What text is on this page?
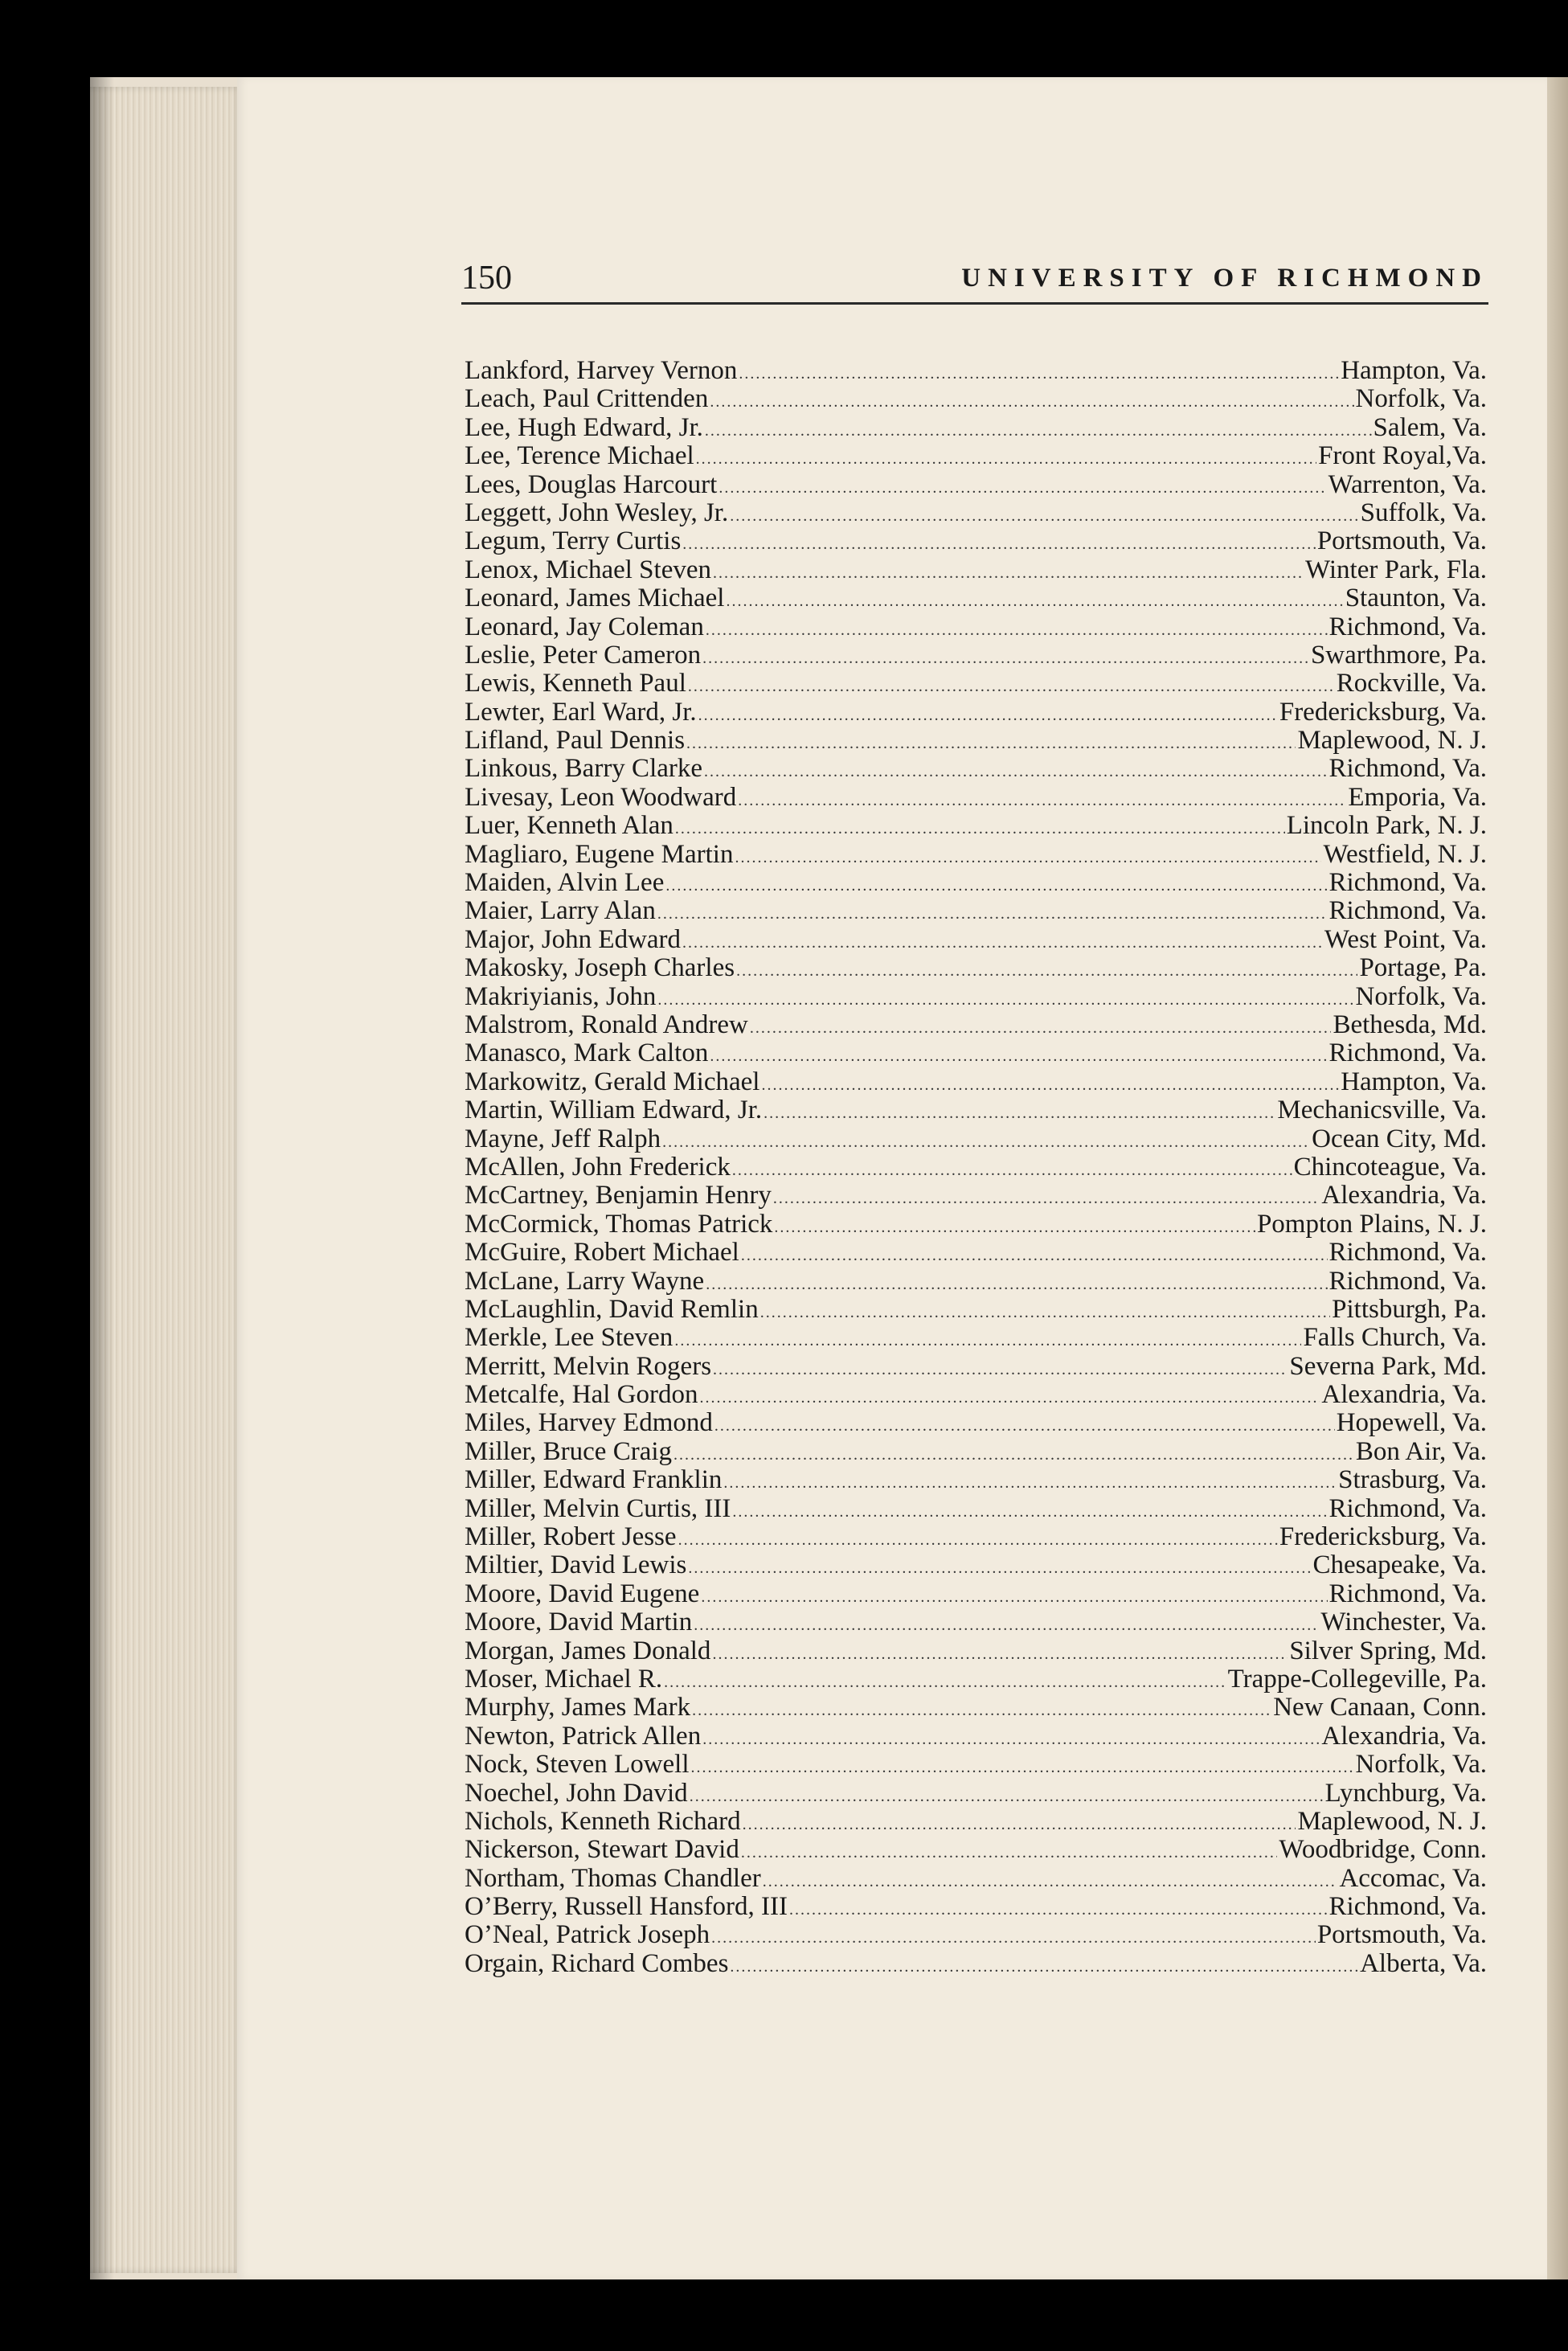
150	UNIVERSITY OF RICHMOND
Lankford, Harvey Vernon .....	Hampton, Va.
Leach, Paul Crittenden .....	Norfolk, Va.
Lee, Hugh Edward, Jr. .....	Salem, Va.
Lee, Terence Michael .....	Front Royal,Va.
Lees, Douglas Harcourt .....	Warrenton, Va.
Leggett, John Wesley, Jr. .....	Suffolk, Va.
Legum, Terry Curtis .....	Portsmouth, Va.
Lenox, Michael Steven .....	Winter Park, Fla.
Leonard, James Michael .....	Staunton, Va.
Leonard, Jay Coleman .....	Richmond, Va.
Leslie, Peter Cameron .....	Swarthmore, Pa.
Lewis, Kenneth Paul .....	Rockville, Va.
Lewter, Earl Ward, Jr. .....	Fredericksburg, Va.
Lifland, Paul Dennis .....	Maplewood, N. J.
Linkous, Barry Clarke .....	Richmond, Va.
Livesay, Leon Woodward .....	Emporia, Va.
Luer, Kenneth Alan .....	Lincoln Park, N. J.
Magliaro, Eugene Martin .....	Westfield, N. J.
Maiden, Alvin Lee .....	Richmond, Va.
Maier, Larry Alan .....	Richmond, Va.
Major, John Edward .....	West Point, Va.
Makosky, Joseph Charles .....	Portage, Pa.
Makriyianis, John .....	Norfolk, Va.
Malstrom, Ronald Andrew .....	Bethesda, Md.
Manasco, Mark Calton .....	Richmond, Va.
Markowitz, Gerald Michael .....	Hampton, Va.
Martin, William Edward, Jr. .....	Mechanicsville, Va.
Mayne, Jeff Ralph .....	Ocean City, Md.
McAllen, John Frederick .....	Chincoteague, Va.
McCartney, Benjamin Henry .....	Alexandria, Va.
McCormick, Thomas Patrick .....	Pompton Plains, N. J.
McGuire, Robert Michael .....	Richmond, Va.
McLane, Larry Wayne .....	Richmond, Va.
McLaughlin, David Remlin .....	Pittsburgh, Pa.
Merkle, Lee Steven .....	Falls Church, Va.
Merritt, Melvin Rogers .....	Severna Park, Md.
Metcalfe, Hal Gordon .....	Alexandria, Va.
Miles, Harvey Edmond .....	Hopewell, Va.
Miller, Bruce Craig .....	Bon Air, Va.
Miller, Edward Franklin .....	Strasburg, Va.
Miller, Melvin Curtis, III .....	Richmond, Va.
Miller, Robert Jesse .....	Fredericksburg, Va.
Miltier, David Lewis .....	Chesapeake, Va.
Moore, David Eugene .....	Richmond, Va.
Moore, David Martin .....	Winchester, Va.
Morgan, James Donald .....	Silver Spring, Md.
Moser, Michael R. .....	Trappe-Collegeville, Pa.
Murphy, James Mark .....	New Canaan, Conn.
Newton, Patrick Allen .....	Alexandria, Va.
Nock, Steven Lowell .....	Norfolk, Va.
Noechel, John David .....	Lynchburg, Va.
Nichols, Kenneth Richard .....	Maplewood, N. J.
Nickerson, Stewart David .....	Woodbridge, Conn.
Northam, Thomas Chandler .....	Accomac, Va.
O’Berry, Russell Hansford, III .....	Richmond, Va.
O’Neal, Patrick Joseph .....	Portsmouth, Va.
Orgain, Richard Combes .....	Alberta, Va.
